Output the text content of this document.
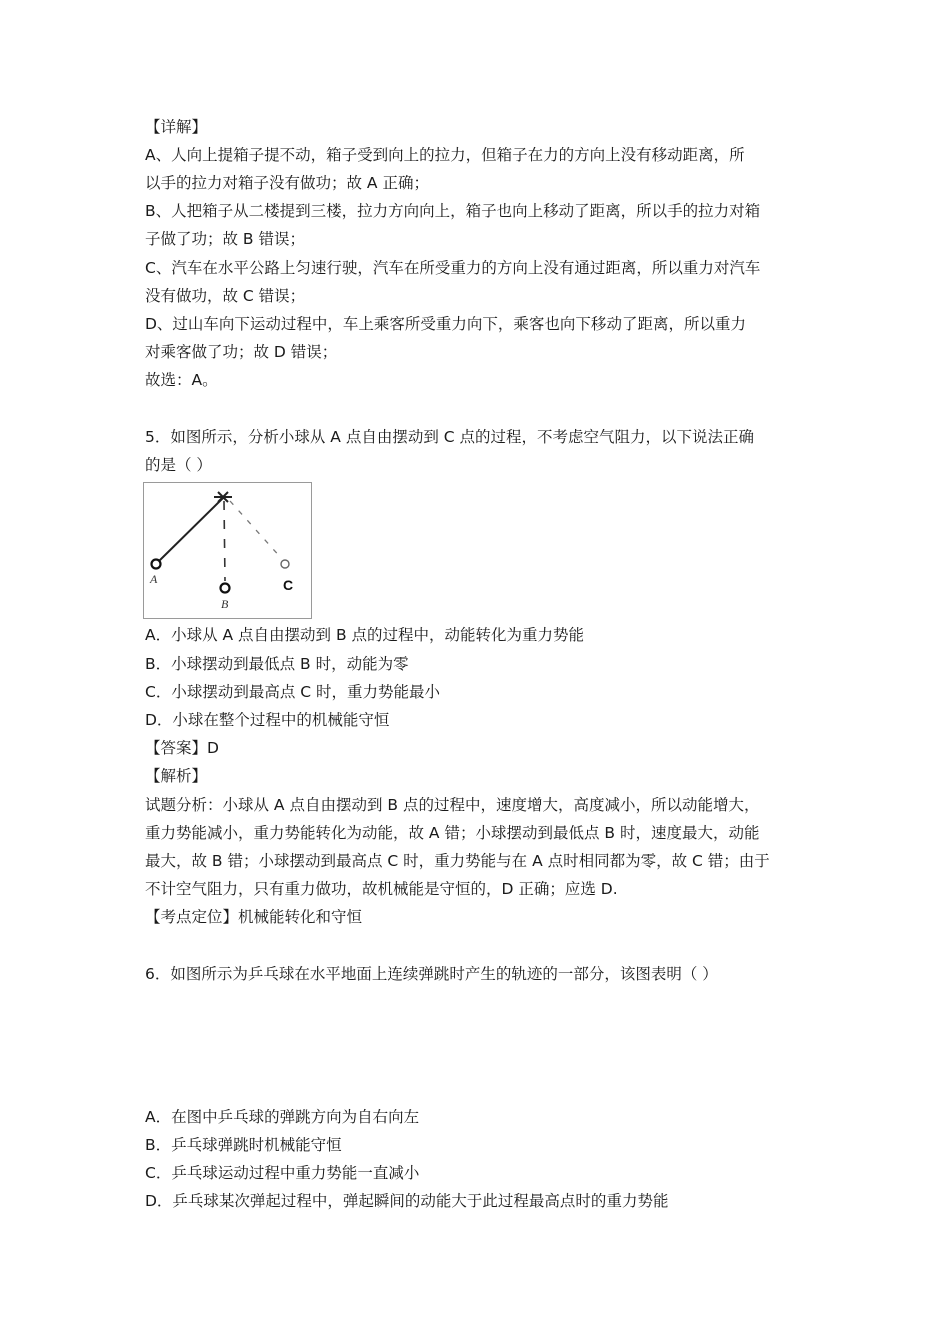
【详解】
A、人向上提箱子提不动，箱子受到向上的拉力，但箱子在力的方向上没有移动距离，所
以手的拉力对箱子没有做功；故 A 正确；
B、人把箱子从二楼提到三楼，拉力方向向上，箱子也向上移动了距离，所以手的拉力对箱
子做了功；故 B 错误；
C、汽车在水平公路上匀速行驶，汽车在所受重力的方向上没有通过距离，所以重力对汽车
没有做功，故 C 错误；
D、过山车向下运动过程中，车上乘客所受重力向下，乘客也向下移动了距离，所以重力
对乘客做了功；故 D 错误；
故选：A。
5．如图所示，分析小球从 A 点自由摆动到 C 点的过程，不考虑空气阻力，以下说法正确
的是（ ）
A
B
C
A．小球从 A 点自由摆动到 B 点的过程中，动能转化为重力势能
B．小球摆动到最低点 B 时，动能为零
C．小球摆动到最高点 C 时，重力势能最小
D．小球在整个过程中的机械能守恒
【答案】D
【解析】
试题分析：小球从 A 点自由摆动到 B 点的过程中，速度增大，高度减小，所以动能增大，
重力势能减小，重力势能转化为动能，故 A 错；小球摆动到最低点 B 时，速度最大，动能
最大，故 B 错；小球摆动到最高点 C 时，重力势能与在 A 点时相同都为零，故 C 错；由于
不计空气阻力，只有重力做功，故机械能是守恒的，D 正确；应选 D.
【考点定位】机械能转化和守恒
6．如图所示为乒乓球在水平地面上连续弹跳时产生的轨迹的一部分，该图表明（ ）
A．在图中乒乓球的弹跳方向为自右向左
B．乒乓球弹跳时机械能守恒
C．乒乓球运动过程中重力势能一直减小
D．乒乓球某次弹起过程中，弹起瞬间的动能大于此过程最高点时的重力势能
